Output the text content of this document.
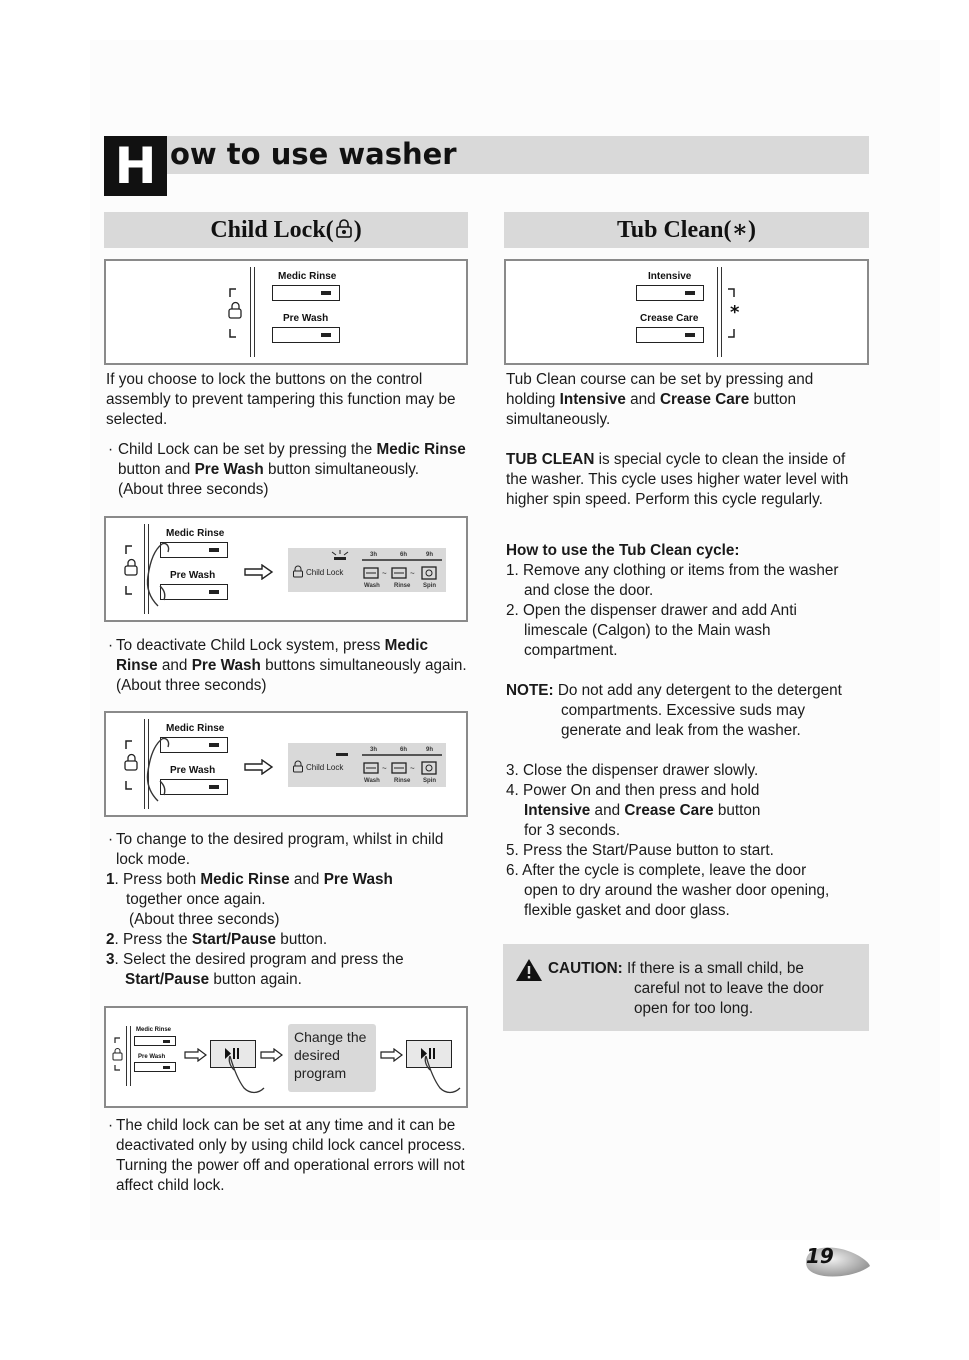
H ow to use washer
Child Lock( )	Tub Clean(∗)
Medic Rinse
Pre Wash
Intensive
Crease Care *
If you choose to lock the buttons on the control assembly to prevent tampering this function may be selected.
· Child Lock can be set by pressing the Medic Rinse button and Pre Wash button simultaneously. (About three seconds)
Medic Rinse
Pre Wash	Child Lock
3h	6h	9h
~	~
Wash Rinse Spin
· To deactivate Child Lock system, press Medic Rinse and Pre Wash buttons simultaneously again. (About three seconds)
Medic Rinse
Pre Wash	Child Lock
3h	6h	9h
~	~
Wash Rinse Spin
· To change to the desired program, whilst in child lock mode.
1. Press both Medic Rinse and Pre Wash
together once again.
(About three seconds)
2. Press the Start/Pause button.
3. Select the desired program and press the
Start/Pause button again.
Medic Rinse
Pre Wash
Change the
desired
program
· The child lock can be set at any time and it can be deactivated only by using child lock cancel process. Turning the power off and operational errors will not affect child lock.
Tub Clean course can be set by pressing and holding Intensive and Crease Care button simultaneously.
TUB CLEAN is special cycle to clean the inside of the washer. This cycle uses higher water level with higher spin speed. Perform this cycle regularly.
How to use the Tub Clean cycle:
1. Remove any clothing or items from the washer
and close the door.
2. Open the dispenser drawer and add Anti
limescale (Calgon) to the Main wash
compartment.
NOTE: Do not add any detergent to the detergent
compartments. Excessive suds may
generate and leak from the washer.
3. Close the dispenser drawer slowly.
4. Power On and then press and hold
Intensive and Crease Care button
for 3 seconds.
5. Press the Start/Pause button to start.
6. After the cycle is complete, leave the door
open to dry around the washer door opening,
flexible gasket and door glass.
CAUTION: If there is a small child, be
careful not to leave the door
open for too long.
19
